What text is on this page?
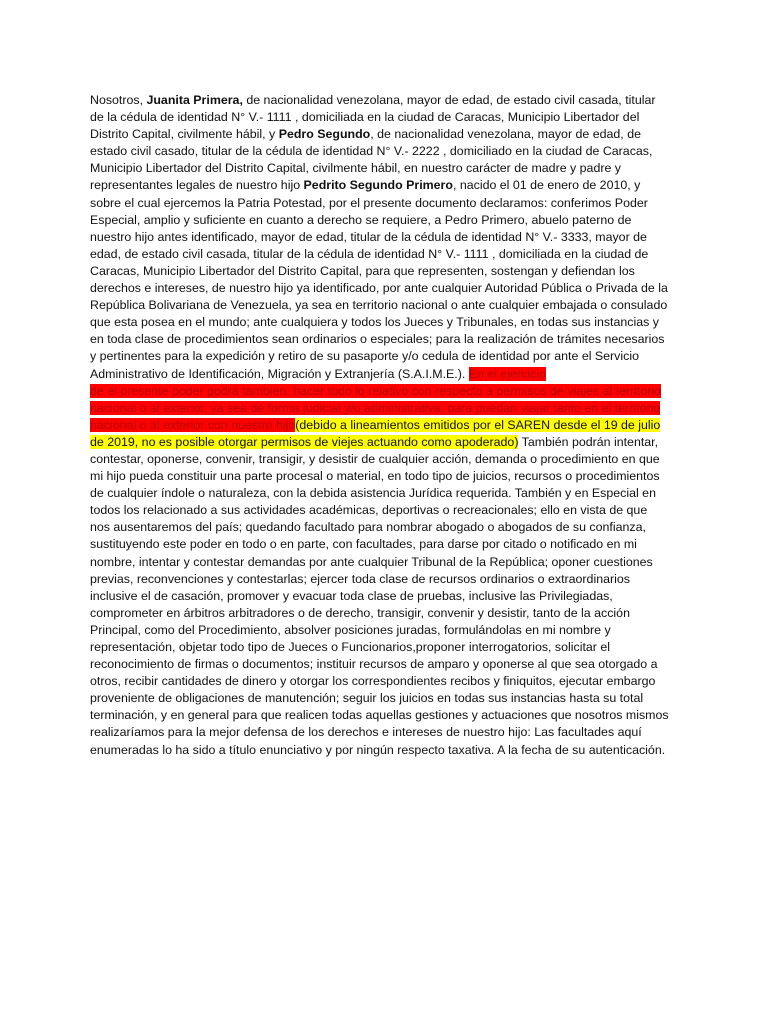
Nosotros, Juanita Primera, de nacionalidad venezolana, mayor de edad, de estado civil casada, titular
de la cédula de identidad N° V.- 1111 , domiciliada en la ciudad de Caracas, Municipio Libertador del
Distrito Capital, civilmente hábil, y Pedro Segundo, de nacionalidad venezolana, mayor de edad, de
estado civil casado, titular de la cédula de identidad N° V.- 2222 , domiciliado en la ciudad de Caracas,
Municipio Libertador del Distrito Capital, civilmente hábil, en nuestro carácter de madre y padre y
representantes legales de nuestro hijo Pedrito Segundo Primero, nacido el 01 de enero de 2010, y
sobre el cual ejercemos la Patria Potestad, por el presente documento declaramos: conferimos Poder
Especial, amplio y suficiente en cuanto a derecho se requiere, a Pedro Primero, abuelo paterno de
nuestro hijo antes identificado, mayor de edad, titular de la cédula de identidad N° V.- 3333, mayor de
edad, de estado civil casada, titular de la cédula de identidad N° V.- 1111 , domiciliada en la ciudad de
Caracas, Municipio Libertador del Distrito Capital, para que representen, sostengan y defiendan los
derechos e intereses, de nuestro hijo ya identificado, por ante cualquier Autoridad Pública o Privada de la
República Bolivariana de Venezuela, ya sea en territorio nacional o ante cualquier embajada o consulado
que esta posea en el mundo; ante cualquiera y todos los Jueces y Tribunales, en todas sus instancias y
en toda clase de procedimientos sean ordinarios o especiales; para la realización de trámites necesarios
y pertinentes para la expedición y retiro de su pasaporte y/o cedula de identidad por ante el Servicio
Administrativo de Identificación, Migración y Extranjería (S.A.I.M.E.). En el ejercicio
de el presente poder podrá también, hacer todo lo relativo con respecto a permisos de viajes al territorio
nacional o al exterior, ya sea de forma judicial y/o administrativa, para puedan viajar tanto en el territorio
nacional o al exterior con nuestro hijo(debido a lineamientos emitidos por el SAREN desde el 19 de julio
de 2019, no es posible otorgar permisos de viejes actuando como apoderado) También podrán intentar,
contestar, oponerse, convenir, transigir, y desistir de cualquier acción, demanda o procedimiento en que
mi hijo pueda constituir una parte procesal o material, en todo tipo de juicios, recursos o procedimientos
de cualquier índole o naturaleza, con la debida asistencia Jurídica requerida. También y en Especial en
todos los relacionado a sus actividades académicas, deportivas o recreacionales; ello en vista de que
nos ausentaremos del país; quedando facultado para nombrar abogado o abogados de su confianza,
sustituyendo este poder en todo o en parte, con facultades, para darse por citado o notificado en mi
nombre, intentar y contestar demandas por ante cualquier Tribunal de la República; oponer cuestiones
previas, reconvenciones y contestarlas; ejercer toda clase de recursos ordinarios o extraordinarios
inclusive el de casación, promover y evacuar toda clase de pruebas, inclusive las Privilegiadas,
comprometer en árbitros arbitradores o de derecho, transigir, convenir y desistir, tanto de la acción
Principal, como del Procedimiento, absolver posiciones juradas, formulándolas en mi nombre y
representación, objetar todo tipo de Jueces o Funcionarios,proponer interrogatorios, solicitar el
reconocimiento de firmas o documentos; instituir recursos de amparo y oponerse al que sea otorgado a
otros, recibir cantidades de dinero y otorgar los correspondientes recibos y finiquitos, ejecutar embargo
proveniente de obligaciones de manutención; seguir los juicios en todas sus instancias hasta su total
terminación, y en general para que realicen todas aquellas gestiones y actuaciones que nosotros mismos
realizaríamos para la mejor defensa de los derechos e intereses de nuestro hijo: Las facultades aquí
enumeradas lo ha sido a título enunciativo y por ningún respecto taxativa. A la fecha de su autenticación.
